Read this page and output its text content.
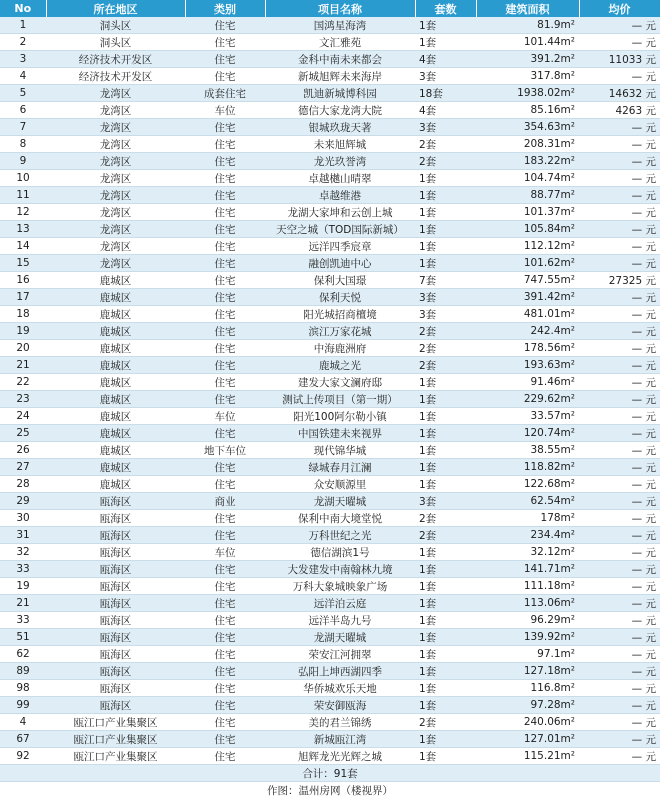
No	所在地区	类别	项目名称	套数	建筑面积	均价
1	洞头区	住宅	国鸿星海湾	1套	81.9m²	— 元
2	洞头区	住宅	文汇雅苑	1套	101.44m²	— 元
3	经济技术开发区	住宅	金科中南未来都会	4套	391.2m²	11033 元
4	经济技术开发区	住宅	新城旭辉未来海岸	3套	317.8m²	— 元
5	龙湾区	成套住宅	凯迪新城博科园	18套	1938.02m²	14632 元
6	龙湾区	车位	德信大家龙湾大院	4套	85.16m²	4263 元
7	龙湾区	住宅	银城玖珑天著	3套	354.63m²	— 元
8	龙湾区	住宅	未来旭辉城	2套	208.31m²	— 元
9	龙湾区	住宅	龙光玖誉湾	2套	183.22m²	— 元
10	龙湾区	住宅	卓越樾山晴翠	1套	104.74m²	— 元
11	龙湾区	住宅	卓越维港	1套	88.77m²	— 元
12	龙湾区	住宅	龙湖大家坤和云创上城	1套	101.37m²	— 元
13	龙湾区	住宅	天空之城（TOD国际新城）	1套	105.84m²	— 元
14	龙湾区	住宅	远洋四季宸章	1套	112.12m²	— 元
15	龙湾区	住宅	融创凯迪中心	1套	101.62m²	— 元
16	鹿城区	住宅	保利大国璟	7套	747.55m²	27325 元
17	鹿城区	住宅	保利天悦	3套	391.42m²	— 元
18	鹿城区	住宅	阳光城招商檀境	3套	481.01m²	— 元
19	鹿城区	住宅	滨江万家花城	2套	242.4m²	— 元
20	鹿城区	住宅	中海鹿洲府	2套	178.56m²	— 元
21	鹿城区	住宅	鹿城之光	2套	193.63m²	— 元
22	鹿城区	住宅	建发大家文澜府邸	1套	91.46m²	— 元
23	鹿城区	住宅	测试上传项目（第一期）	1套	229.62m²	— 元
24	鹿城区	车位	阳光100阿尔勒小镇	1套	33.57m²	— 元
25	鹿城区	住宅	中国铁建未来视界	1套	120.74m²	— 元
26	鹿城区	地下车位	现代锦华城	1套	38.55m²	— 元
27	鹿城区	住宅	绿城春月江澜	1套	118.82m²	— 元
28	鹿城区	住宅	众安顺源里	1套	122.68m²	— 元
29	瓯海区	商业	龙湖天曜城	3套	62.54m²	— 元
30	瓯海区	住宅	保利中南大境堂悦	2套	178m²	— 元
31	瓯海区	住宅	万科世纪之光	2套	234.4m²	— 元
32	瓯海区	车位	德信湖滨1号	1套	32.12m²	— 元
33	瓯海区	住宅	大发建发中南翰林九境	1套	141.71m²	— 元
19	瓯海区	住宅	万科大象城映象广场	1套	111.18m²	— 元
21	瓯海区	住宅	远洋泊云庭	1套	113.06m²	— 元
33	瓯海区	住宅	远洋半岛九号	1套	96.29m²	— 元
51	瓯海区	住宅	龙湖天曜城	1套	139.92m²	— 元
62	瓯海区	住宅	荣安江河拥翠	1套	97.1m²	— 元
89	瓯海区	住宅	弘阳上坤西湖四季	1套	127.18m²	— 元
98	瓯海区	住宅	华侨城欢乐天地	1套	116.8m²	— 元
99	瓯海区	住宅	荣安御瓯海	1套	97.28m²	— 元
4	瓯江口产业集聚区	住宅	美的君兰锦绣	2套	240.06m²	— 元
67	瓯江口产业集聚区	住宅	新城瓯江湾	1套	127.01m²	— 元
92	瓯江口产业集聚区	住宅	旭辉龙光光辉之城	1套	115.21m²	— 元
合计：91套						
作图：温州房网（楼视界）						
